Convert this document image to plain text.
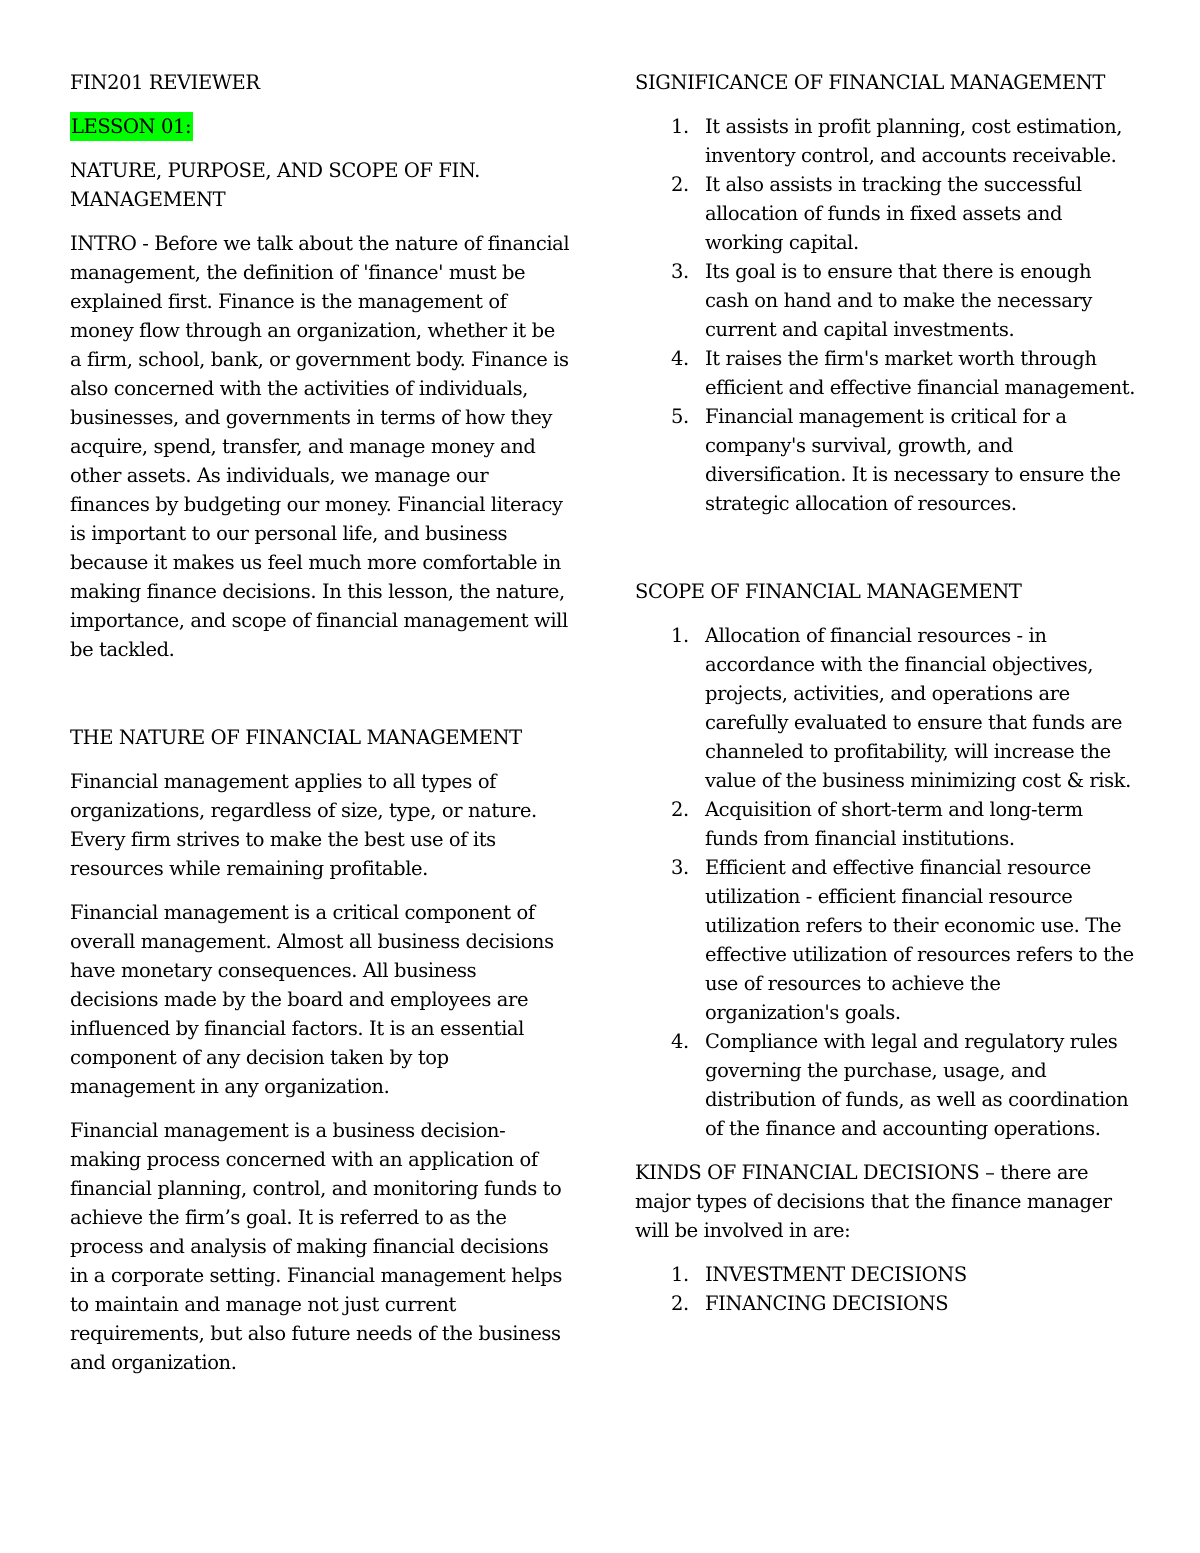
FIN201 REVIEWER

LESSON 01:

NATURE, PURPOSE, AND SCOPE OF FIN. MANAGEMENT

INTRO - Before we talk about the nature of financial management, the definition of 'finance' must be explained first. Finance is the management of money flow through an organization, whether it be a firm, school, bank, or government body. Finance is also concerned with the activities of individuals, businesses, and governments in terms of how they acquire, spend, transfer, and manage money and other assets. As individuals, we manage our finances by budgeting our money. Financial literacy is important to our personal life, and business because it makes us feel much more comfortable in making finance decisions. In this lesson, the nature, importance, and scope of financial management will be tackled.

THE NATURE OF FINANCIAL MANAGEMENT

Financial management applies to all types of organizations, regardless of size, type, or nature. Every firm strives to make the best use of its resources while remaining profitable.

Financial management is a critical component of overall management. Almost all business decisions have monetary consequences. All business decisions made by the board and employees are influenced by financial factors. It is an essential component of any decision taken by top management in any organization.

Financial management is a business decision-making process concerned with an application of financial planning, control, and monitoring funds to achieve the firm’s goal. It is referred to as the process and analysis of making financial decisions in a corporate setting. Financial management helps to maintain and manage not just current requirements, but also future needs of the business and organization.

SIGNIFICANCE OF FINANCIAL MANAGEMENT
1. It assists in profit planning, cost estimation, inventory control, and accounts receivable.
2. It also assists in tracking the successful allocation of funds in fixed assets and working capital.
3. Its goal is to ensure that there is enough cash on hand and to make the necessary current and capital investments.
4. It raises the firm's market worth through efficient and effective financial management.
5. Financial management is critical for a company's survival, growth, and diversification. It is necessary to ensure the strategic allocation of resources.
SCOPE OF FINANCIAL MANAGEMENT
1. Allocation of financial resources - in accordance with the financial objectives, projects, activities, and operations are carefully evaluated to ensure that funds are channeled to profitability, will increase the value of the business minimizing cost & risk.
2. Acquisition of short-term and long-term funds from financial institutions.
3. Efficient and effective financial resource utilization - efficient financial resource utilization refers to their economic use. The effective utilization of resources refers to the use of resources to achieve the organization's goals.
4. Compliance with legal and regulatory rules governing the purchase, usage, and distribution of funds, as well as coordination of the finance and accounting operations.

KINDS OF FINANCIAL DECISIONS – there are major types of decisions that the finance manager will be involved in are:

1. INVESTMENT DECISIONS
2. FINANCING DECISIONS
